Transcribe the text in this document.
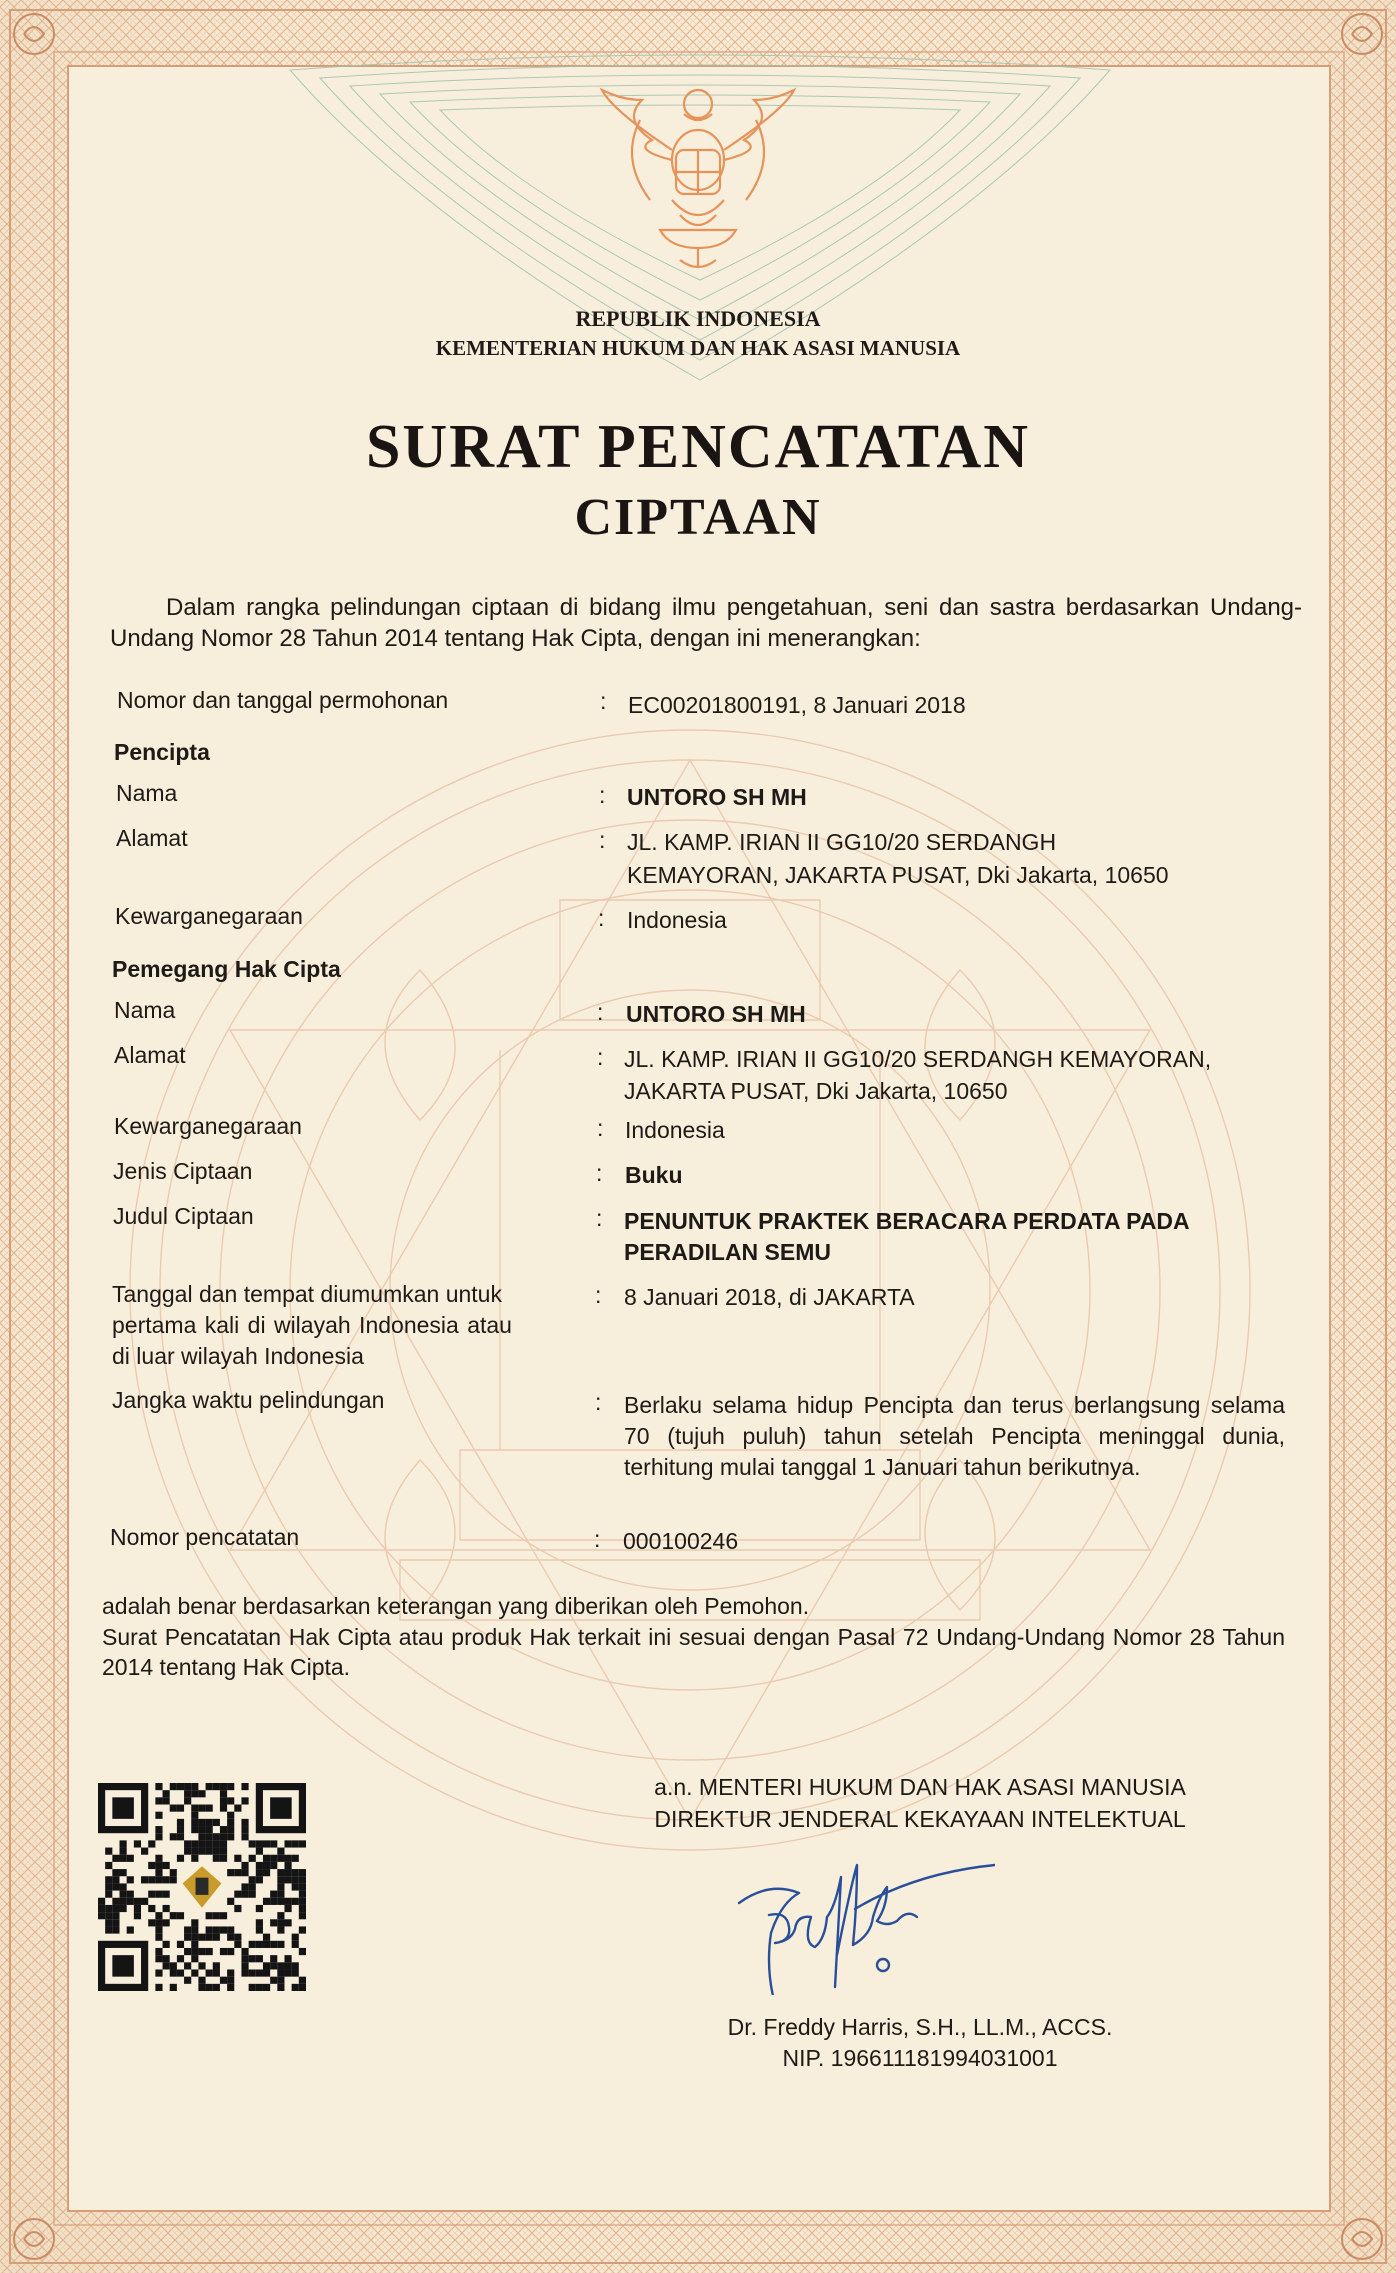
REPUBLIK INDONESIA
KEMENTERIAN HUKUM DAN HAK ASASI MANUSIA
SURAT PENCATATAN
CIPTAAN
Dalam rangka pelindungan ciptaan di bidang ilmu pengetahuan, seni dan sastra berdasarkan Undang-Undang Nomor 28 Tahun 2014 tentang Hak Cipta, dengan ini menerangkan:
Nomor dan tanggal permohonan	: EC00201800191, 8 Januari 2018
Pencipta
Nama	: UNTORO SH MH
Alamat	: JL. KAMP. IRIAN II GG10/20 SERDANGH
KEMAYORAN, JAKARTA PUSAT, Dki Jakarta, 10650
Kewarganegaraan	: Indonesia
Pemegang Hak Cipta
Nama	: UNTORO SH MH
Alamat	: JL. KAMP. IRIAN II GG10/20 SERDANGH KEMAYORAN,
JAKARTA PUSAT, Dki Jakarta, 10650
Kewarganegaraan	: Indonesia
Jenis Ciptaan	: Buku
Judul Ciptaan	: PENUNTUK PRAKTEK BERACARA PERDATA PADA
PERADILAN SEMU
Tanggal dan tempat diumumkan untuk
pertama kali di wilayah Indonesia atau
di luar wilayah Indonesia
: 8 Januari 2018, di JAKARTA
Jangka waktu pelindungan	: Berlaku selama hidup Pencipta dan terus berlangsung selama 70 (tujuh puluh) tahun setelah Pencipta meninggal dunia, terhitung mulai tanggal 1 Januari tahun berikutnya.
Nomor pencatatan	: 000100246
adalah benar berdasarkan keterangan yang diberikan oleh Pemohon.
Surat Pencatatan Hak Cipta atau produk Hak terkait ini sesuai dengan Pasal 72 Undang-Undang Nomor 28 Tahun 2014 tentang Hak Cipta.
a.n. MENTERI HUKUM DAN HAK ASASI MANUSIA
DIREKTUR JENDERAL KEKAYAAN INTELEKTUAL
Dr. Freddy Harris, S.H., LL.M., ACCS.
NIP. 196611181994031001
